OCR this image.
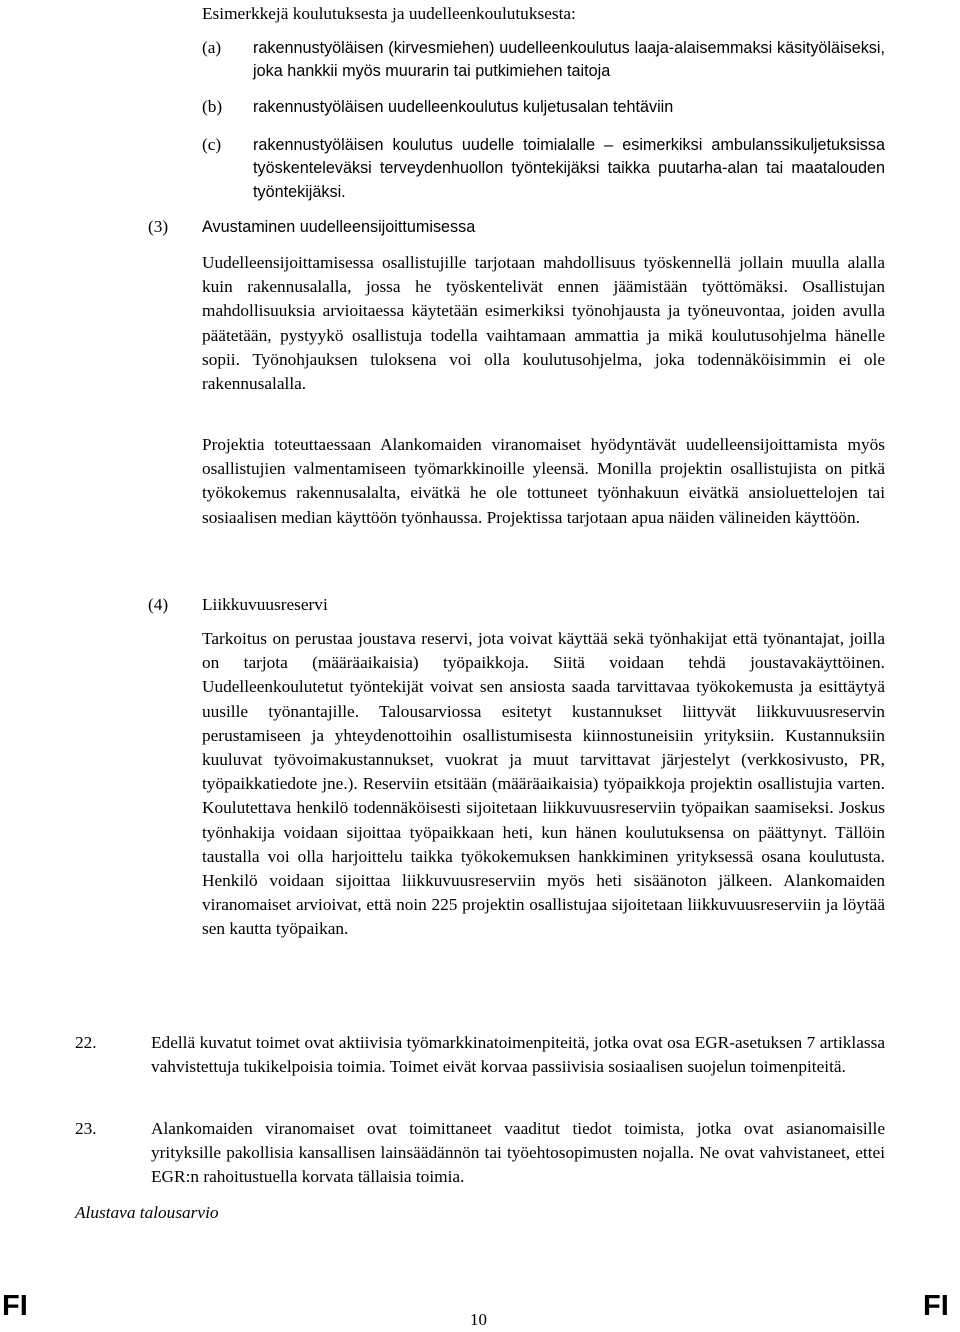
Esimerkkejä koulutuksesta ja uudelleenkoulutuksesta:
(a) rakennustyöläisen (kirvesmiehen) uudelleenkoulutus laaja-alaisemmaksi käsityöläiseksi, joka hankkii myös muurarin tai putkimiehen taitoja
(b) rakennustyöläisen uudelleenkoulutus kuljetusalan tehtäviin
(c) rakennustyöläisen koulutus uudelle toimialalle – esimerkiksi ambulanssikuljetuksissa työskenteleväksi terveydenhuollon työntekijäksi taikka puutarha-alan tai maatalouden työntekijäksi.
(3) Avustaminen uudelleensijoittumisessa

Uudelleensijoittamisessa osallistujille tarjotaan mahdollisuus työskennellä jollain muulla alalla kuin rakennusalalla, jossa he työskentelivät ennen jäämistään työttömäksi. Osallistujan mahdollisuuksia arvioitaessa käytetään esimerkiksi työnohjausta ja työneuvontaa, joiden avulla päätetään, pystyykö osallistuja todella vaihtamaan ammattia ja mikä koulutusohjelma hänelle sopii. Työnohjauksen tuloksena voi olla koulutusohjelma, joka todennäköisimmin ei ole rakennusalalla.

Projektia toteuttaessaan Alankomaiden viranomaiset hyödyntävät uudelleensijoittamista myös osallistujien valmentamiseen työmarkkinoille yleensä. Monilla projektin osallistujista on pitkä työkokemus rakennusalalta, eivätkä he ole tottuneet työnhakuun eivätkä ansioluettelojen tai sosiaalisen median käyttöön työnhaussa. Projektissa tarjotaan apua näiden välineiden käyttöön.

(4) Liikkuvuusreservi

Tarkoitus on perustaa joustava reservi, jota voivat käyttää sekä työnhakijat että työnantajat, joilla on tarjota (määräaikaisia) työpaikkoja. Siitä voidaan tehdä joustavakäyttöinen. Uudelleenkoulutetut työntekijät voivat sen ansiosta saada tarvittavaa työkokemusta ja esittäytyä uusille työnantajille. Talousarviossa esitetyt kustannukset liittyvät liikkuvuusreservin perustamiseen ja yhteydenottoihin osallistumisesta kiinnostuneisiin yrityksiin. Kustannuksiin kuuluvat työvoimakustannukset, vuokrat ja muut tarvittavat järjestelyt (verkkosivusto, PR, työpaikkatiedote jne.). Reserviin etsitään (määräaikaisia) työpaikkoja projektin osallistujia varten. Koulutettava henkilö todennäköisesti sijoitetaan liikkuvuusreserviin työpaikan saamiseksi. Joskus työnhakija voidaan sijoittaa työpaikkaan heti, kun hänen koulutuksensa on päättynyt. Tällöin taustalla voi olla harjoittelu taikka työkokemuksen hankkiminen yrityksessä osana koulutusta. Henkilö voidaan sijoittaa liikkuvuusreserviin myös heti sisäänoton jälkeen. Alankomaiden viranomaiset arvioivat, että noin 225 projektin osallistujaa sijoitetaan liikkuvuusreserviin ja löytää sen kautta työpaikan.

22.	Edellä kuvatut toimet ovat aktiivisia työmarkkinatoimenpiteitä, jotka ovat osa EGR-asetuksen 7 artiklassa vahvistettuja tukikelpoisia toimia. Toimet eivät korvaa passiivisia sosiaalisen suojelun toimenpiteitä.

23.	Alankomaiden viranomaiset ovat toimittaneet vaaditut tiedot toimista, jotka ovat asianomaisille yrityksille pakollisia kansallisen lainsäädännön tai työehtosopimusten nojalla. Ne ovat vahvistaneet, ettei EGR:n rahoitustuella korvata tällaisia toimia.

Alustava talousarvio
FI	10	FI
